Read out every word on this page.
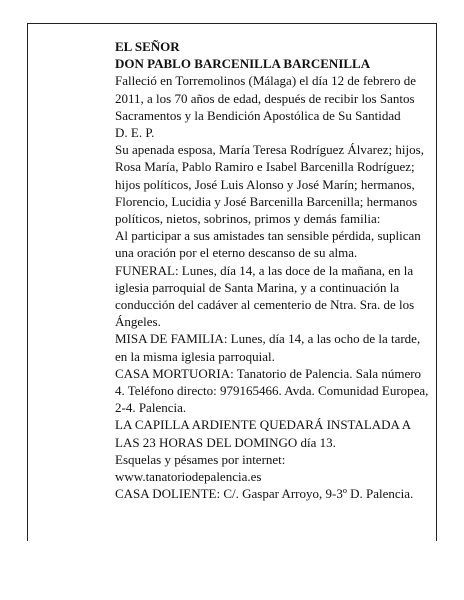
EL SEÑOR

DON PABLO BARCENILLA BARCENILLA

Falleció en Torremolinos (Málaga) el día 12 de febrero de 2011, a los 70 años de edad, después de recibir los Santos Sacramentos y la Bendición Apostólica de Su Santidad

D. E. P.

Su apenada esposa, María Teresa Rodríguez Álvarez; hijos, Rosa María, Pablo Ramiro e Isabel Barcenilla Rodríguez; hijos políticos, José Luis Alonso y José Marín; hermanos, Florencio, Lucidia y José Barcenilla Barcenilla; hermanos políticos, nietos, sobrinos, primos y demás familia:

Al participar a sus amistades tan sensible pérdida, suplican una oración por el eterno descanso de su alma.

FUNERAL: Lunes, día 14, a las doce de la mañana, en la iglesia parroquial de Santa Marina, y a continuación la conducción del cadáver al cementerio de Ntra. Sra. de los Ángeles.

MISA DE FAMILIA: Lunes, día 14, a las ocho de la tarde, en la misma iglesia parroquial.

CASA MORTUORIA: Tanatorio de Palencia. Sala número 4. Teléfono directo: 979165466. Avda. Comunidad Europea, 2-4. Palencia.

LA CAPILLA ARDIENTE QUEDARÁ INSTALADA A LAS 23 HORAS DEL DOMINGO día 13.

Esquelas y pésames por internet: www.tanatoriodepalencia.es

CASA DOLIENTE: C/. Gaspar Arroyo, 9-3º D. Palencia.
